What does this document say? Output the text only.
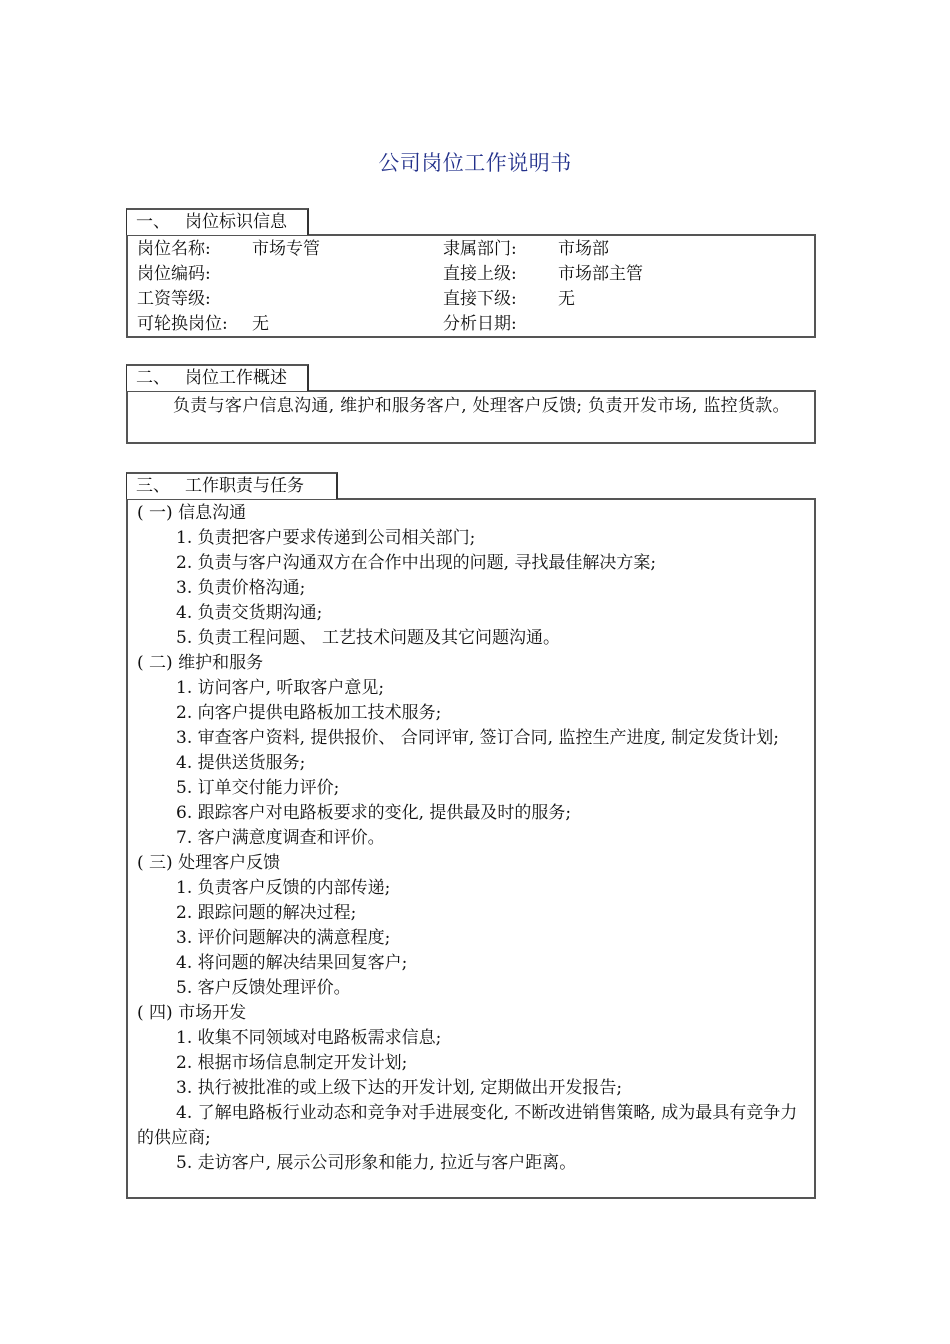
公司岗位工作说明书
一、 岗位标识信息
岗位名称: 市场专管	隶属部门: 市场部
岗位编码:	直接上级: 市场部主管
工资等级:	直接下级: 无
可轮换岗位: 无	分析日期:
二、 岗位工作概述
负责与客户信息沟通, 维护和服务客户, 处理客户反馈; 负责开发市场, 监控货款。
三、 工作职责与任务
( 一) 信息沟通
1. 负责把客户要求传递到公司相关部门;
2. 负责与客户沟通双方在合作中出现的问题, 寻找最佳解决方案;
3. 负责价格沟通;
4. 负责交货期沟通;
5. 负责工程问题、 工艺技术问题及其它问题沟通。
( 二) 维护和服务
1. 访问客户, 听取客户意见;
2. 向客户提供电路板加工技术服务;
3. 审查客户资料, 提供报价、 合同评审, 签订合同, 监控生产进度, 制定发货计划;
4. 提供送货服务;
5. 订单交付能力评价;
6. 跟踪客户对电路板要求的变化, 提供最及时的服务;
7. 客户满意度调查和评价。
( 三) 处理客户反馈
1. 负责客户反馈的内部传递;
2. 跟踪问题的解决过程;
3. 评价问题解决的满意程度;
4. 将问题的解决结果回复客户;
5. 客户反馈处理评价。
( 四) 市场开发
1. 收集不同领域对电路板需求信息;
2. 根据市场信息制定开发计划;
3. 执行被批准的或上级下达的开发计划, 定期做出开发报告;
4. 了解电路板行业动态和竞争对手进展变化, 不断改进销售策略, 成为最具有竞争力的供应商;
5. 走访客户, 展示公司形象和能力, 拉近与客户距离。
